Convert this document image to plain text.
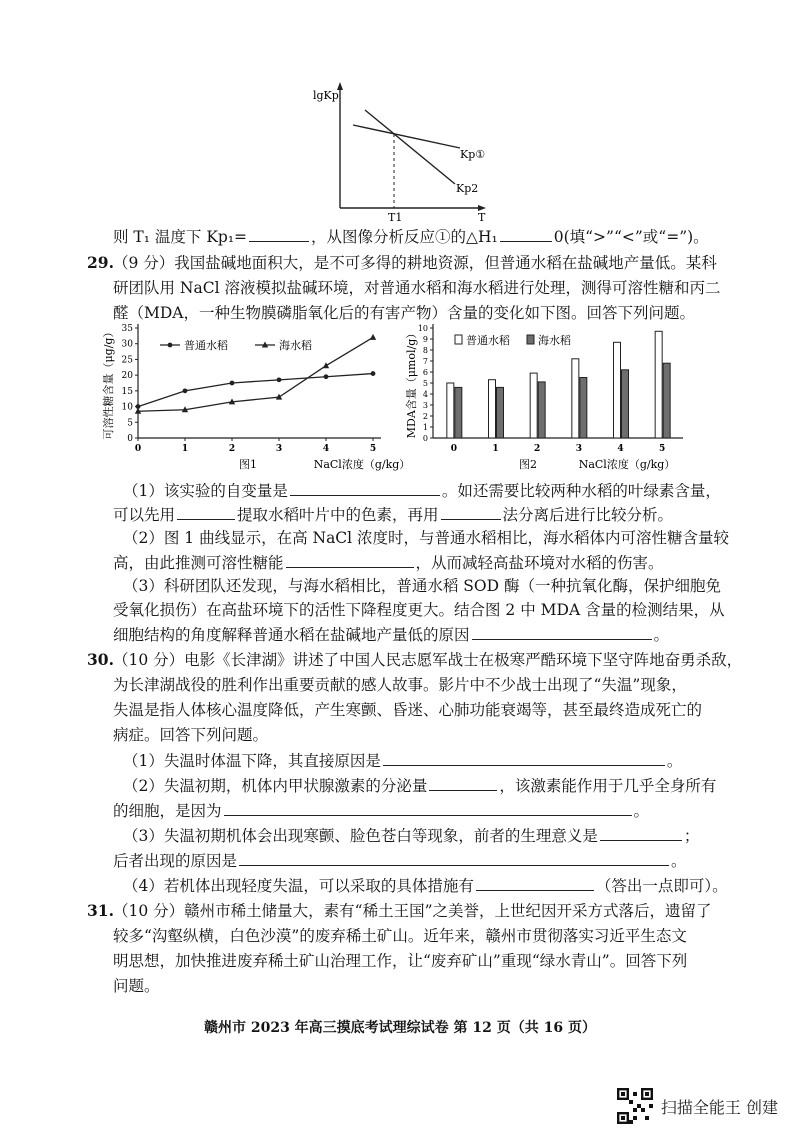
lgKp
Kp①
Kp2
T1	T
则 T₁ 温度下 Kp₁=	，从图像分析反应①的△H₁	0(填“>”“<”或“=”)。
29. （9 分）我国盐碱地面积大，是不可多得的耕地资源，但普通水稻在盐碱地产量低。某科
研团队用 NaCl 溶液模拟盐碱环境，对普通水稻和海水稻进行处理，测得可溶性糖和丙二
醛（MDA，一种生物膜磷脂氧化后的有害产物）含量的变化如下图。回答下列问题。
0
5
10
15
20
25
30
35
0	1	2	3	4	5
可溶性糖含量（μg/g）
图1	NaCl浓度（g/kg）
普通水稻	海水稻
0
1
2
3
4
5
6
7
8
9
10
MDA含量（μmol/g）
0	1	2	3	4	5
图2	NaCl浓度（g/kg）
普通水稻	海水稻
（1）该实验的自变量是	。如还需要比较两种水稻的叶绿素含量，
可以先用	提取水稻叶片中的色素，再用	法分离后进行比较分析。
（2）图 1 曲线显示，在高 NaCl 浓度时，与普通水稻相比，海水稻体内可溶性糖含量较
高，由此推测可溶性糖能	，从而减轻高盐环境对水稻的伤害。
（3）科研团队还发现，与海水稻相比，普通水稻 SOD 酶（一种抗氧化酶，保护细胞免
受氧化损伤）在高盐环境下的活性下降程度更大。结合图 2 中 MDA 含量的检测结果，从
细胞结构的角度解释普通水稻在盐碱地产量低的原因	。
30. （10 分）电影《长津湖》讲述了中国人民志愿军战士在极寒严酷环境下坚守阵地奋勇杀敌，
为长津湖战役的胜利作出重要贡献的感人故事。影片中不少战士出现了“失温”现象，
失温是指人体核心温度降低，产生寒颤、昏迷、心肺功能衰竭等，甚至最终造成死亡的
病症。回答下列问题。
（1）失温时体温下降，其直接原因是	。
（2）失温初期，机体内甲状腺激素的分泌量	，该激素能作用于几乎全身所有
的细胞，是因为	。
（3）失温初期机体会出现寒颤、脸色苍白等现象，前者的生理意义是	；
后者出现的原因是	。
（4）若机体出现轻度失温，可以采取的具体措施有	（答出一点即可）。
31. （10 分）赣州市稀土储量大，素有“稀土王国”之美誉，上世纪因开采方式落后，遗留了
较多“沟壑纵横，白色沙漠”的废弃稀土矿山。近年来，赣州市贯彻落实习近平生态文
明思想，加快推进废弃稀土矿山治理工作，让“废弃矿山”重现“绿水青山”。回答下列
问题。
赣州市 2023 年高三摸底考试理综试卷 第 12 页（共 16 页）
扫描全能王 创建
